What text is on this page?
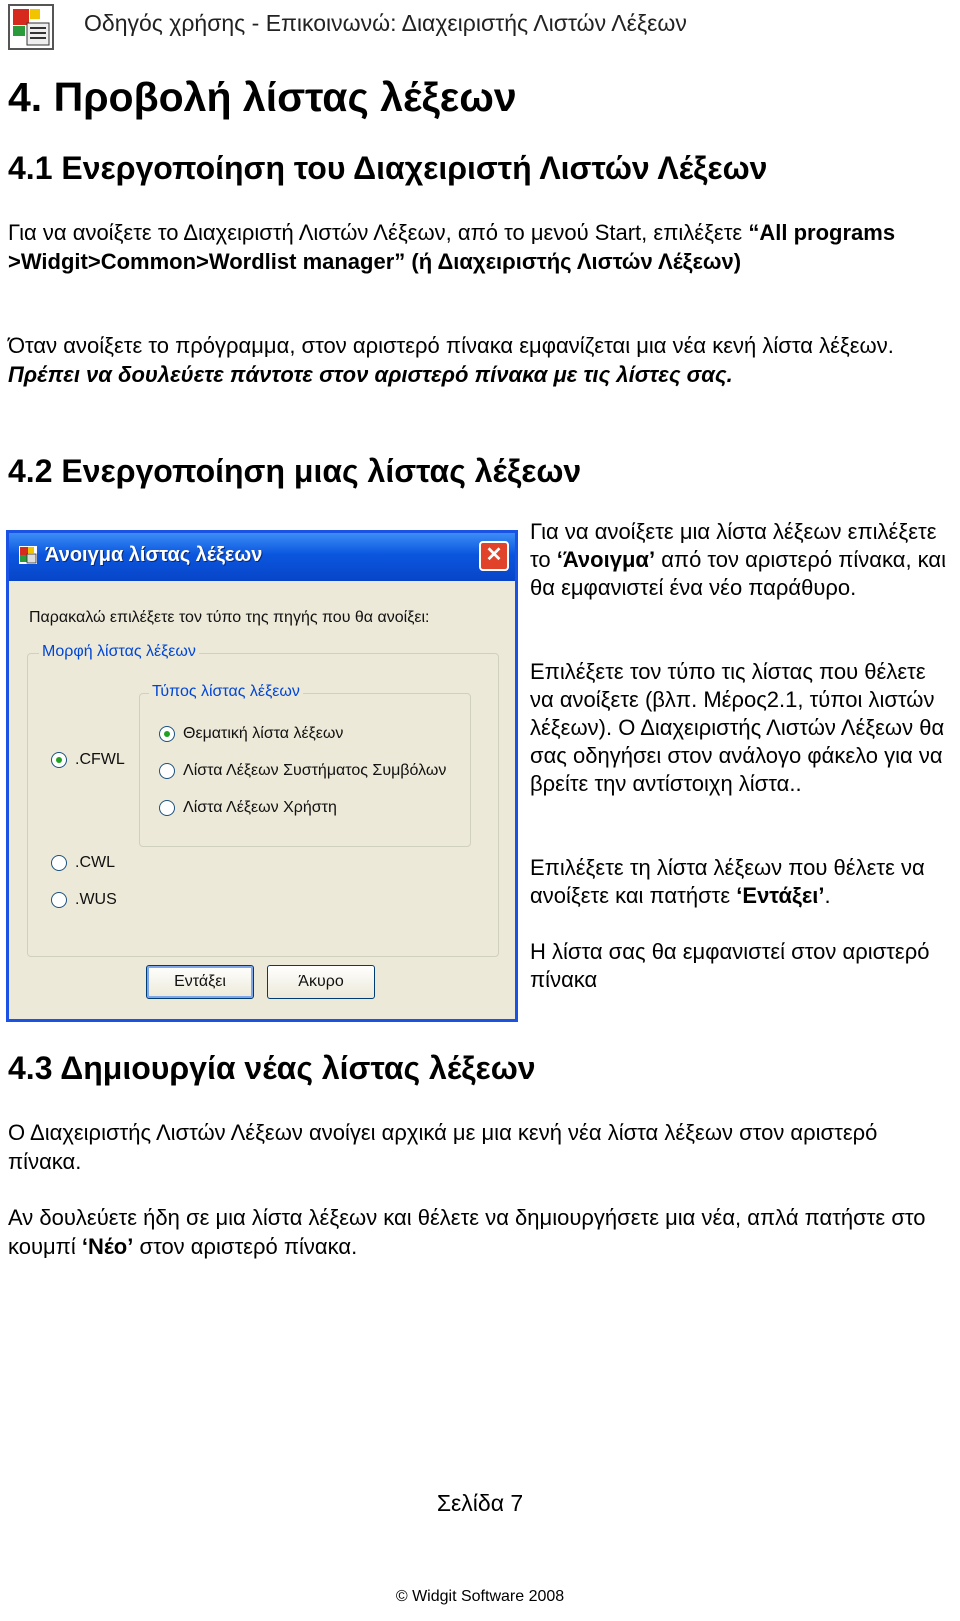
Οδηγός χρήσης - Επικοινωνώ: Διαχειριστής Λιστών Λέξεων
4. Προβολή λίστας λέξεων
4.1 Ενεργοποίηση του Διαχειριστή Λιστών Λέξεων
Για να ανοίξετε το Διαχειριστή Λιστών Λέξεων, από το μενού Start, επιλέξετε “All programs >Widgit>Common>Wordlist manager” (ή Διαχειριστής Λιστών Λέξεων)
Όταν ανοίξετε το πρόγραμμα, στον αριστερό πίνακα εμφανίζεται μια νέα κενή λίστα λέξεων. Πρέπει να δουλεύετε πάντοτε στον αριστερό πίνακα με τις λίστες σας.
4.2 Ενεργοποίηση μιας λίστας λέξεων
Άνοιγμα λίστας λέξεων	✕
Παρακαλώ επιλέξετε τον τύπο της πηγής που θα ανοίξει:
Μορφή λίστας λέξεων
Τύπος λίστας λέξεων
Θεματική λίστα λέξεων
Λίστα Λέξεων Συστήματος Συμβόλων
Λίστα Λέξεων Χρήστη
.CFWL
.CWL
.WUS
Εντάξει	Άκυρο
Για να ανοίξετε μια λίστα λέξεων επιλέξετε το ‘Άνοιγμα’ από τον αριστερό πίνακα, και θα εμφανιστεί ένα νέο παράθυρο.
Επιλέξετε τον τύπο τις λίστας που θέλετε να ανοίξετε (βλπ. Μέρος2.1, τύποι λιστών λέξεων). Ο Διαχειριστής Λιστών Λέξεων θα σας οδηγήσει στον ανάλογο φάκελο για να βρείτε την αντίστοιχη λίστα..
Επιλέξετε τη λίστα λέξεων που θέλετε να ανοίξετε και πατήστε ‘Εντάξει’.
Η λίστα σας θα εμφανιστεί στον αριστερό πίνακα
4.3 Δημιουργία νέας λίστας λέξεων
Ο Διαχειριστής Λιστών Λέξεων ανοίγει αρχικά με μια κενή νέα λίστα λέξεων στον αριστερό πίνακα.
Αν δουλεύετε ήδη σε μια λίστα λέξεων και θέλετε να δημιουργήσετε μια νέα, απλά πατήστε στο κουμπί ‘Νέο’ στον αριστερό πίνακα.
Σελίδα 7
© Widgit Software 2008
